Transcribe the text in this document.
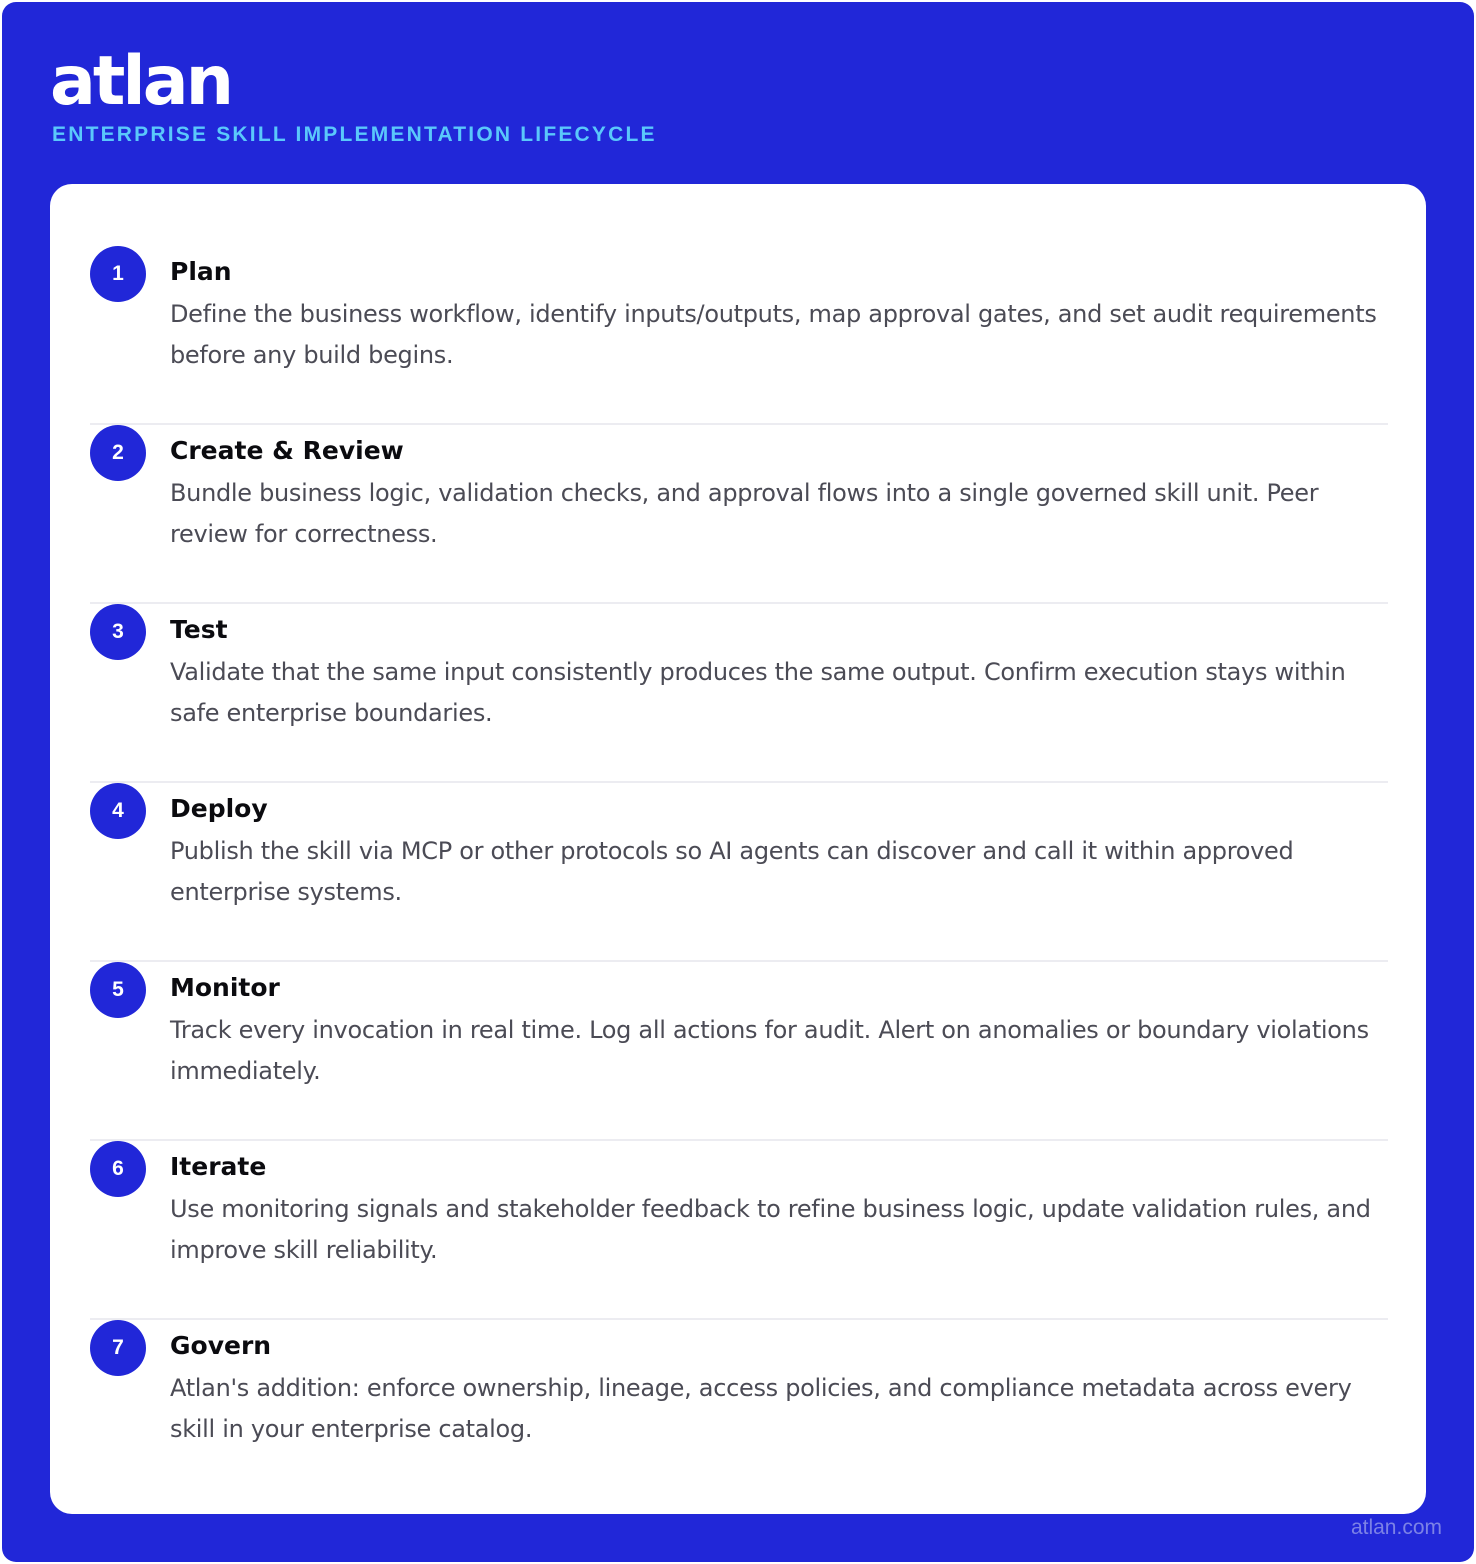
atlan
ENTERPRISE SKILL IMPLEMENTATION LIFECYCLE
1	Plan
Define the business workflow, identify inputs/outputs, map approval gates, and set audit requirements before any build begins.
2	Create & Review
Bundle business logic, validation checks, and approval flows into a single governed skill unit. Peer review for correctness.
3	Test
Validate that the same input consistently produces the same output. Confirm execution stays within safe enterprise boundaries.
4	Deploy
Publish the skill via MCP or other protocols so AI agents can discover and call it within approved enterprise systems.
5	Monitor
Track every invocation in real time. Log all actions for audit. Alert on anomalies or boundary violations immediately.
6	Iterate
Use monitoring signals and stakeholder feedback to refine business logic, update validation rules, and improve skill reliability.
7	Govern
Atlan's addition: enforce ownership, lineage, access policies, and compliance metadata across every skill in your enterprise catalog.
atlan.com
